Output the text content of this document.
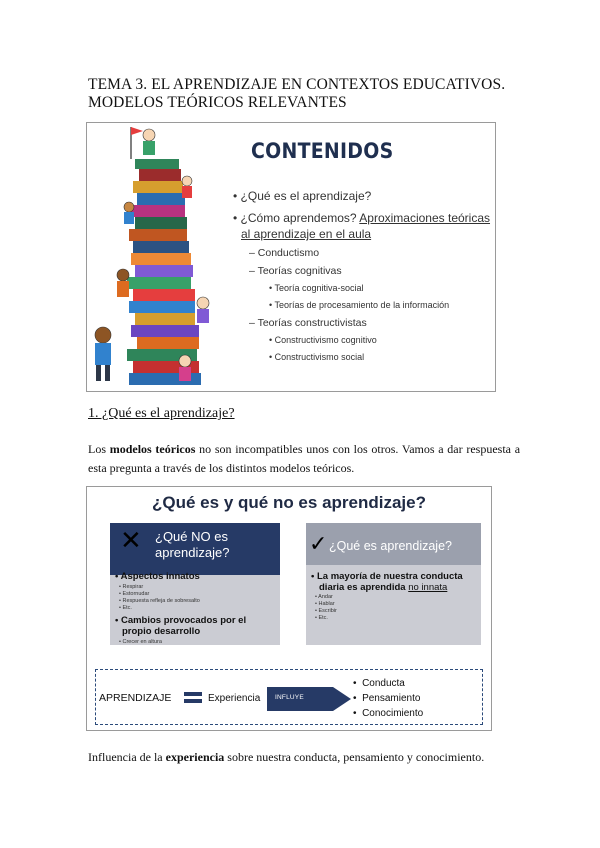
TEMA 3. EL APRENDIZAJE EN CONTEXTOS EDUCATIVOS. MODELOS TEÓRICOS RELEVANTES
CONTENIDOS
• ¿Qué es el aprendizaje?
• ¿Cómo aprendemos? Aproximaciones teóricas
al aprendizaje en el aula
– Conductismo
– Teorías cognitivas
• Teoría cognitiva-social
• Teorías de procesamiento de la información
– Teorías constructivistas
• Constructivismo cognitivo
• Constructivismo social
1. ¿Qué es el aprendizaje?
Los modelos teóricos no son incompatibles unos con los otros. Vamos a dar respuesta a esta pregunta a través de los distintos modelos teóricos.
¿Qué es y qué no es aprendizaje?
✕ ¿Qué NO es
aprendizaje?	✓ ¿Qué es aprendizaje?
• Aspectos innatos
• Respirar
• Estornudar
• Respuesta refleja de sobresalto
• Etc.
• Cambios provocados por el
propio desarrollo
• Crecer en altura
• La mayoría de nuestra conducta
diaria es aprendida no innata
• Andar
• Hablar
• Escribir
• Etc.
APRENDIZAJE	Experiencia INFLUYE
•  Conducta
•  Pensamiento
•  Conocimiento
Influencia de la experiencia sobre nuestra conducta, pensamiento y conocimiento.
